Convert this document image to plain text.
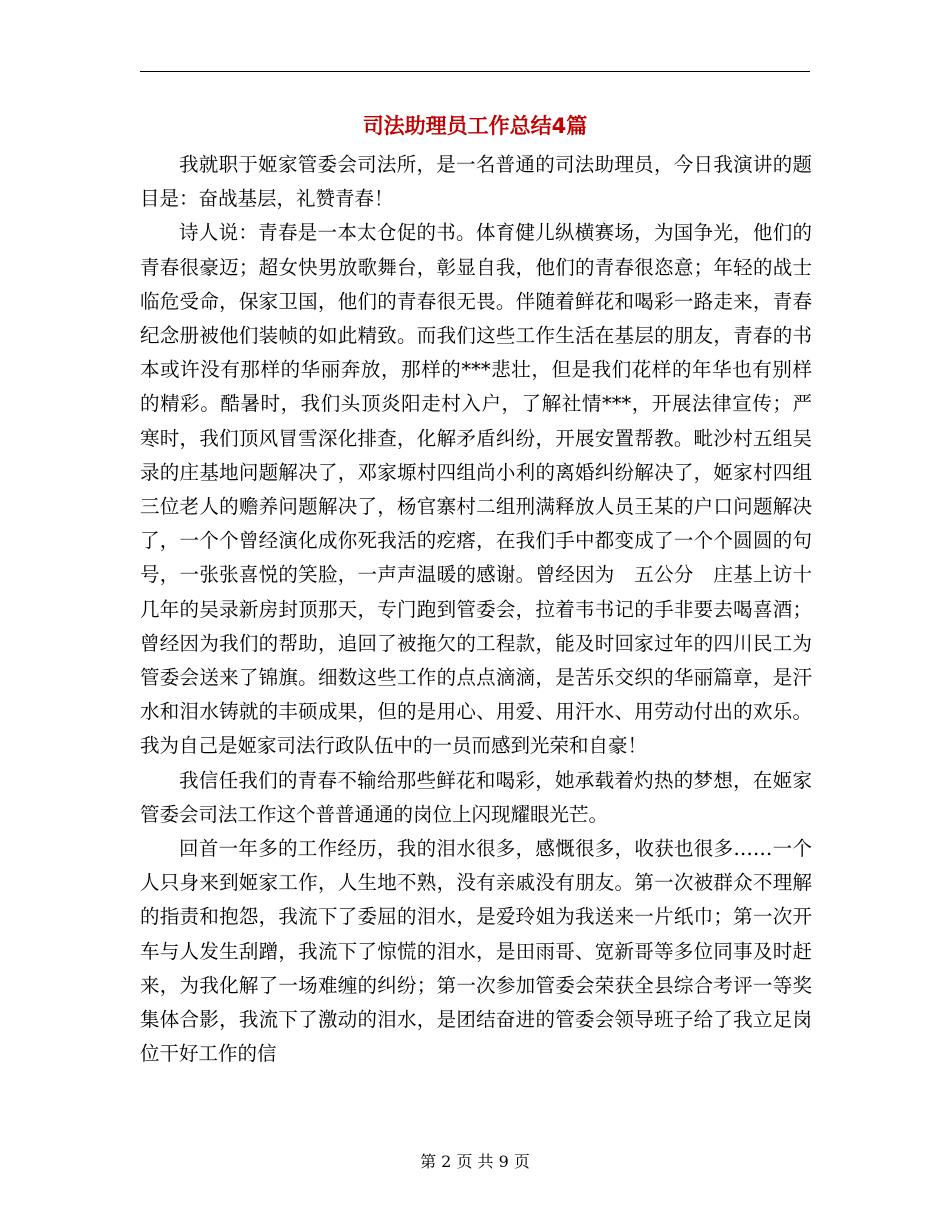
司法助理员工作总结4篇

我就职于姬家管委会司法所，是一名普通的司法助理员，今日我演讲的题目是：奋战基层，礼赞青春！

诗人说：青春是一本太仓促的书。体育健儿纵横赛场，为国争光，他们的青春很豪迈；超女快男放歌舞台，彰显自我，他们的青春很恣意；年轻的战士临危受命，保家卫国，他们的青春很无畏。伴随着鲜花和喝彩一路走来，青春纪念册被他们装帧的如此精致。而我们这些工作生活在基层的朋友，青春的书本或许没有那样的华丽奔放，那样的***悲壮，但是我们花样的年华也有别样的精彩。酷暑时，我们头顶炎阳走村入户，了解社情***，开展法律宣传；严寒时，我们顶风冒雪深化排查，化解矛盾纠纷，开展安置帮教。毗沙村五组吴录的庄基地问题解决了，邓家塬村四组尚小利的离婚纠纷解决了，姬家村四组三位老人的赡养问题解决了，杨官寨村二组刑满释放人员王某的户口问题解决了，一个个曾经演化成你死我活的疙瘩，在我们手中都变成了一个个圆圆的句号，一张张喜悦的笑脸，一声声温暖的感谢。曾经因为　五公分　庄基上访十几年的吴录新房封顶那天，专门跑到管委会，拉着韦书记的手非要去喝喜酒；曾经因为我们的帮助，追回了被拖欠的工程款，能及时回家过年的四川民工为管委会送来了锦旗。细数这些工作的点点滴滴，是苦乐交织的华丽篇章，是汗水和泪水铸就的丰硕成果，但的是用心、用爱、用汗水、用劳动付出的欢乐。我为自己是姬家司法行政队伍中的一员而感到光荣和自豪！

我信任我们的青春不输给那些鲜花和喝彩，她承载着灼热的梦想，在姬家管委会司法工作这个普普通通的岗位上闪现耀眼光芒。

回首一年多的工作经历，我的泪水很多，感慨很多，收获也很多……一个人只身来到姬家工作，人生地不熟，没有亲戚没有朋友。第一次被群众不理解的指责和抱怨，我流下了委屈的泪水，是爱玲姐为我送来一片纸巾；第一次开车与人发生刮蹭，我流下了惊慌的泪水，是田雨哥、宽新哥等多位同事及时赶来，为我化解了一场难缠的纠纷；第一次参加管委会荣获全县综合考评一等奖集体合影，我流下了激动的泪水，是团结奋进的管委会领导班子给了我立足岗位干好工作的信

第 2 页 共 9 页
